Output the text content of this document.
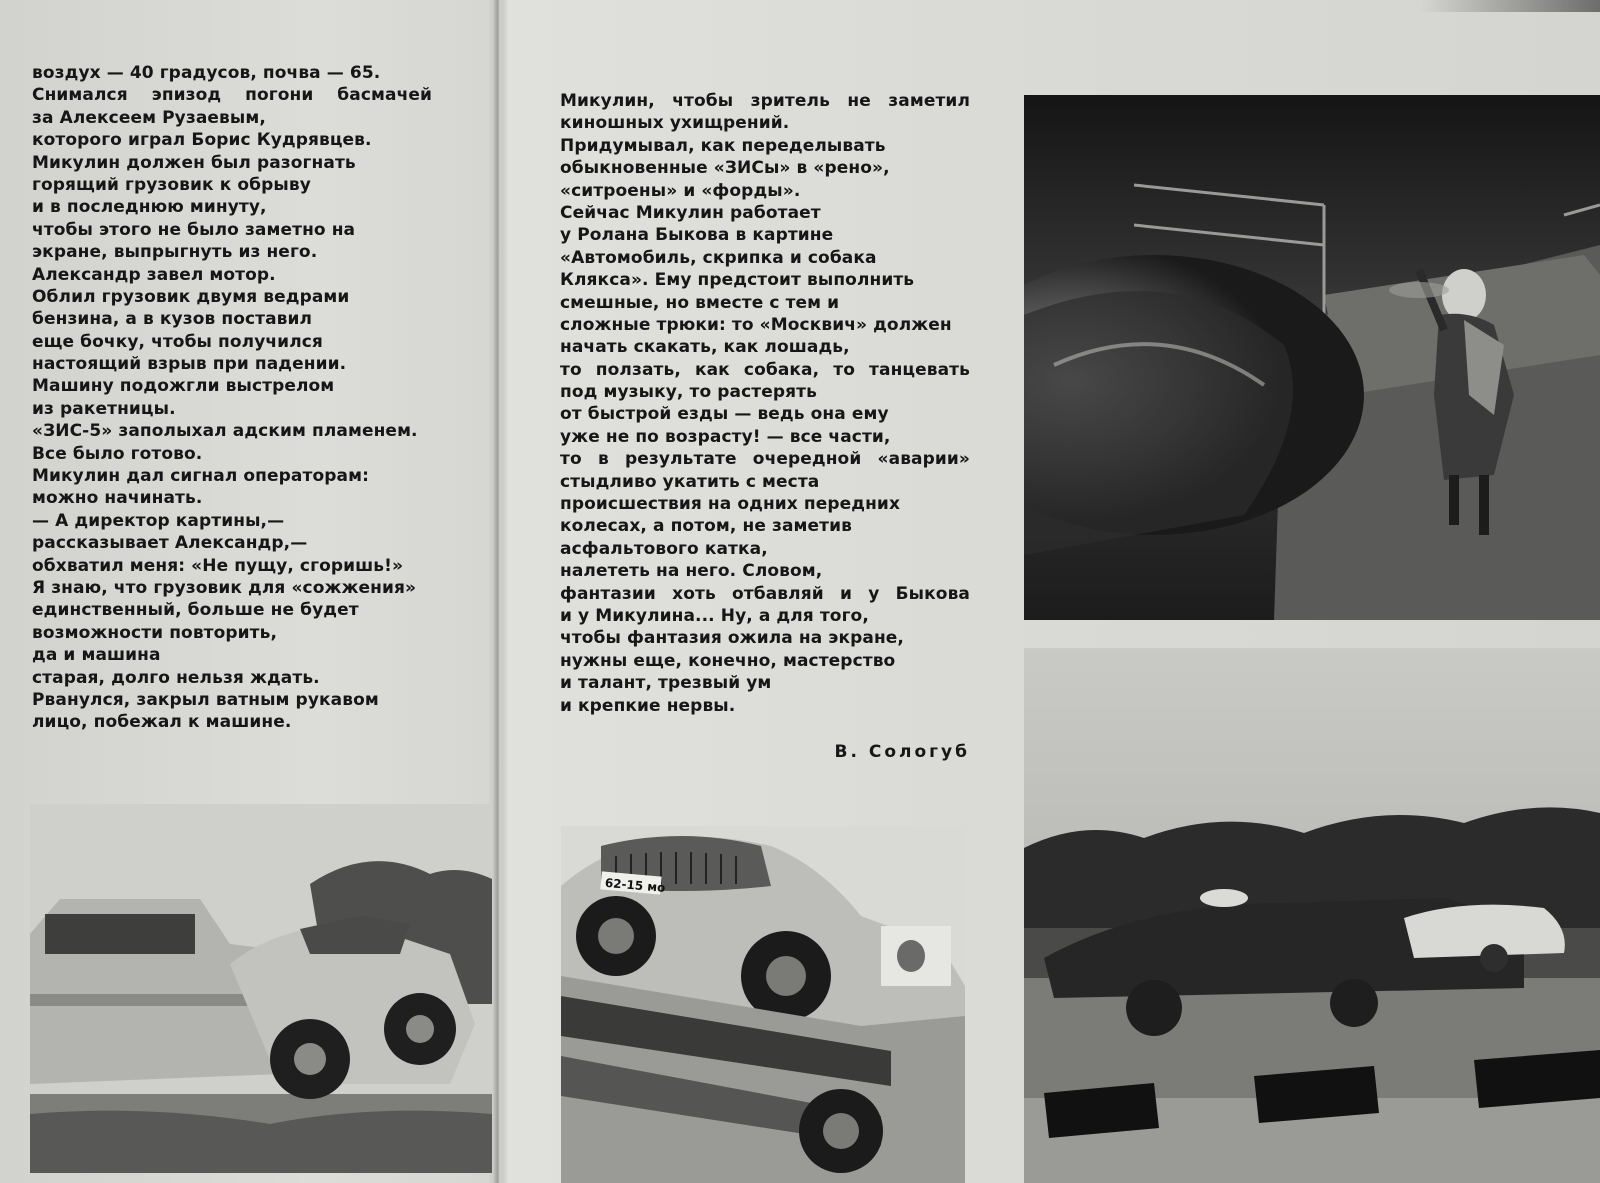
воздух — 40 градусов, почва — 65.
Снимался эпизод погони басмачей
за Алексеем Рузаевым,
которого играл Борис Кудрявцев.
Микулин должен был разогнать
горящий грузовик к обрыву
и в последнюю минуту,
чтобы этого не было заметно на
экране, выпрыгнуть из него.
Александр завел мотор.
Облил грузовик двумя ведрами
бензина, а в кузов поставил
еще бочку, чтобы получился
настоящий взрыв при падении.
Машину подожгли выстрелом
из ракетницы.
«ЗИС-5» заполыхал адским пламенем.
Все было готово.
Микулин дал сигнал операторам:
можно начинать.
— А директор картины,—
рассказывает Александр,—
обхватил меня: «Не пущу, сгоришь!»
Я знаю, что грузовик для «сожжения»
единственный, больше не будет
возможности повторить,
да и машина
старая, долго нельзя ждать.
Рванулся, закрыл ватным рукавом
лицо, побежал к машине.
Микулин, чтобы зритель не заметил
киношных ухищрений.
Придумывал, как переделывать
обыкновенные «ЗИСы» в «рено»,
«ситроены» и «форды».
Сейчас Микулин работает
у Ролана Быкова в картине
«Автомобиль, скрипка и собака
Клякса». Ему предстоит выполнить
смешные, но вместе с тем и
сложные трюки: то «Москвич» должен
начать скакать, как лошадь,
то ползать, как собака, то танцевать
под музыку, то растерять
от быстрой езды — ведь она ему
уже не по возрасту! — все части,
то в результате очередной «аварии»
стыдливо укатить с места
происшествия на одних передних
колесах, а потом, не заметив
асфальтового катка,
налететь на него. Словом,
фантазии хоть отбавляй и у Быкова
и у Микулина... Ну, а для того,
чтобы фантазия ожила на экране,
нужны еще, конечно, мастерство
и талант, трезвый ум
и крепкие нервы.
В. Сологуб
62-15 мо
